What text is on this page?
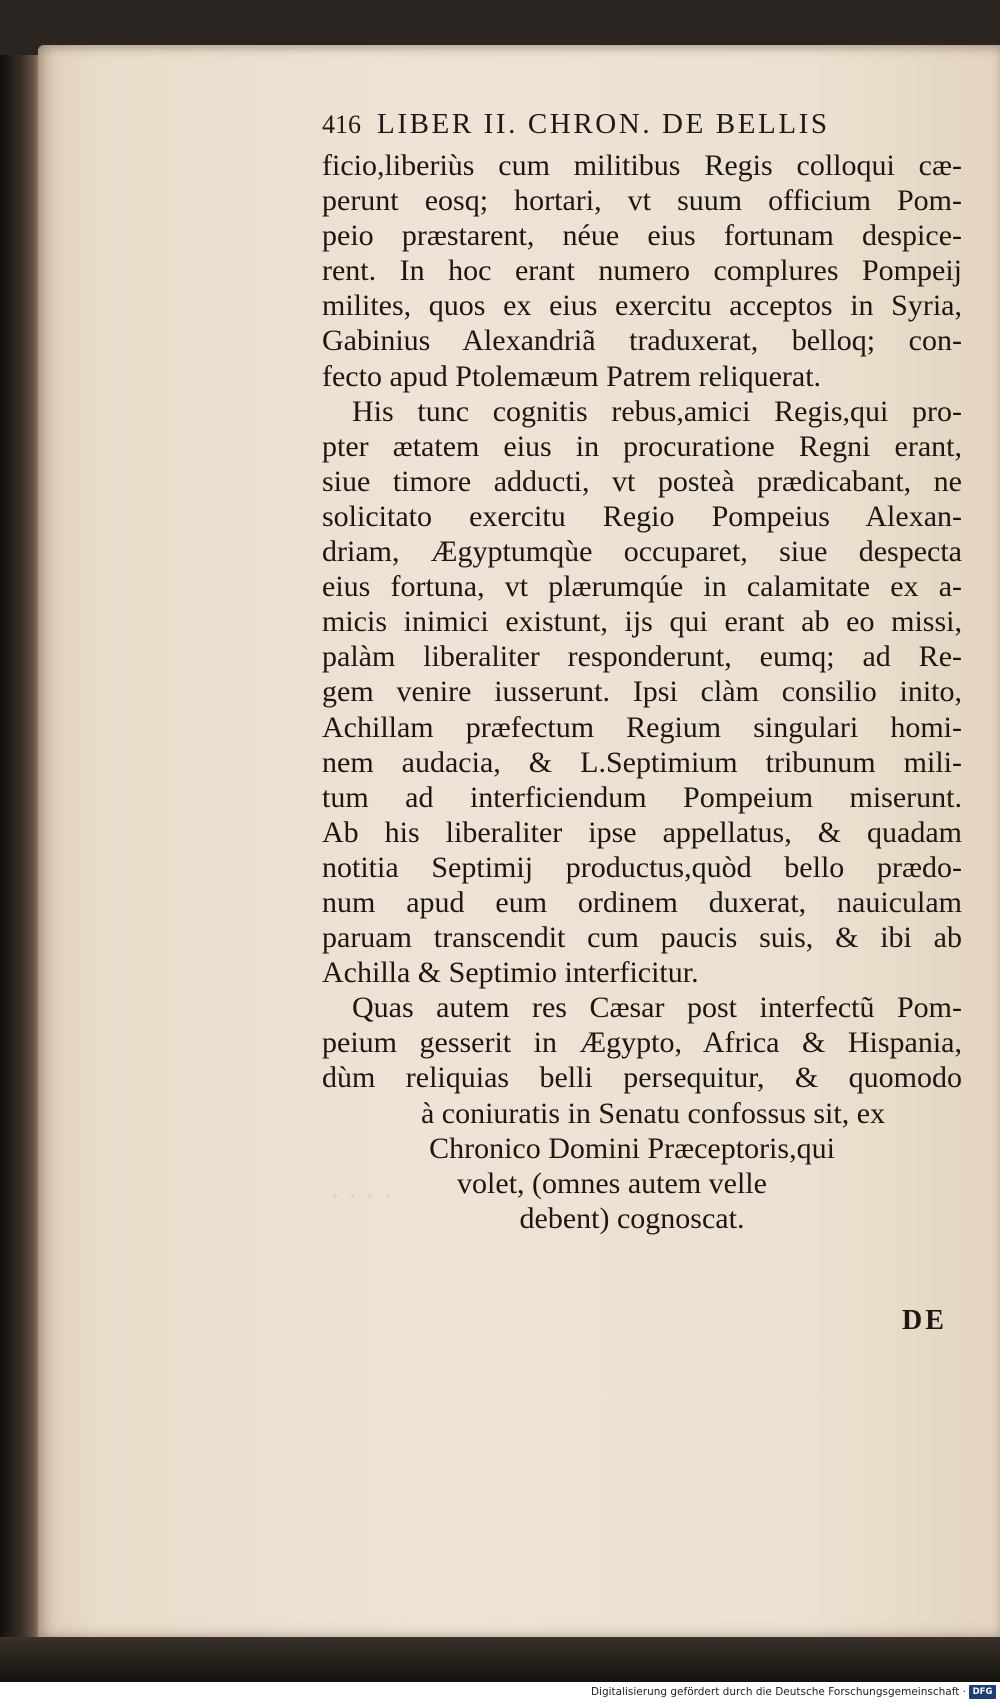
416 LIBER II. CHRON. DE BELLIS
ficio,liberiùs cum militibus Regis colloqui cæ-
perunt eosq; hortari, vt suum officium Pom-
peio præstarent, néue eius fortunam despice-
rent. In hoc erant numero complures Pompeij
milites, quos ex eius exercitu acceptos in Syria,
Gabinius Alexandriã traduxerat, belloq; con-
fecto apud Ptolemæum Patrem reliquerat.
His tunc cognitis rebus,amici Regis,qui pro-
pter ætatem eius in procuratione Regni erant,
siue timore adducti, vt posteà prædicabant, ne
solicitato exercitu Regio Pompeius Alexan-
driam, Ægyptumqùe occuparet, siue despecta
eius fortuna, vt plærumqúe in calamitate ex a-
micis inimici existunt, ijs qui erant ab eo missi,
palàm liberaliter responderunt, eumq; ad Re-
gem venire iusserunt. Ipsi clàm consilio inito,
Achillam præfectum Regium singulari homi-
nem audacia, & L.Septimium tribunum mili-
tum ad interficiendum Pompeium miserunt.
Ab his liberaliter ipse appellatus, & quadam
notitia Septimij productus,quòd bello prædo-
num apud eum ordinem duxerat, nauiculam
paruam transcendit cum paucis suis, & ibi ab
Achilla & Septimio interficitur.
Quas autem res Cæsar post interfectũ Pom-
peium gesserit in Ægypto, Africa & Hispania,
dùm reliquias belli persequitur, & quomodo
à coniuratis in Senatu confossus sit, ex
Chronico Domini Præceptoris,qui
volet, (omnes autem velle
debent) cognoscat.
DE
· · · ·
Digitalisierung gefördert durch die Deutsche Forschungsgemeinschaft · DFG
